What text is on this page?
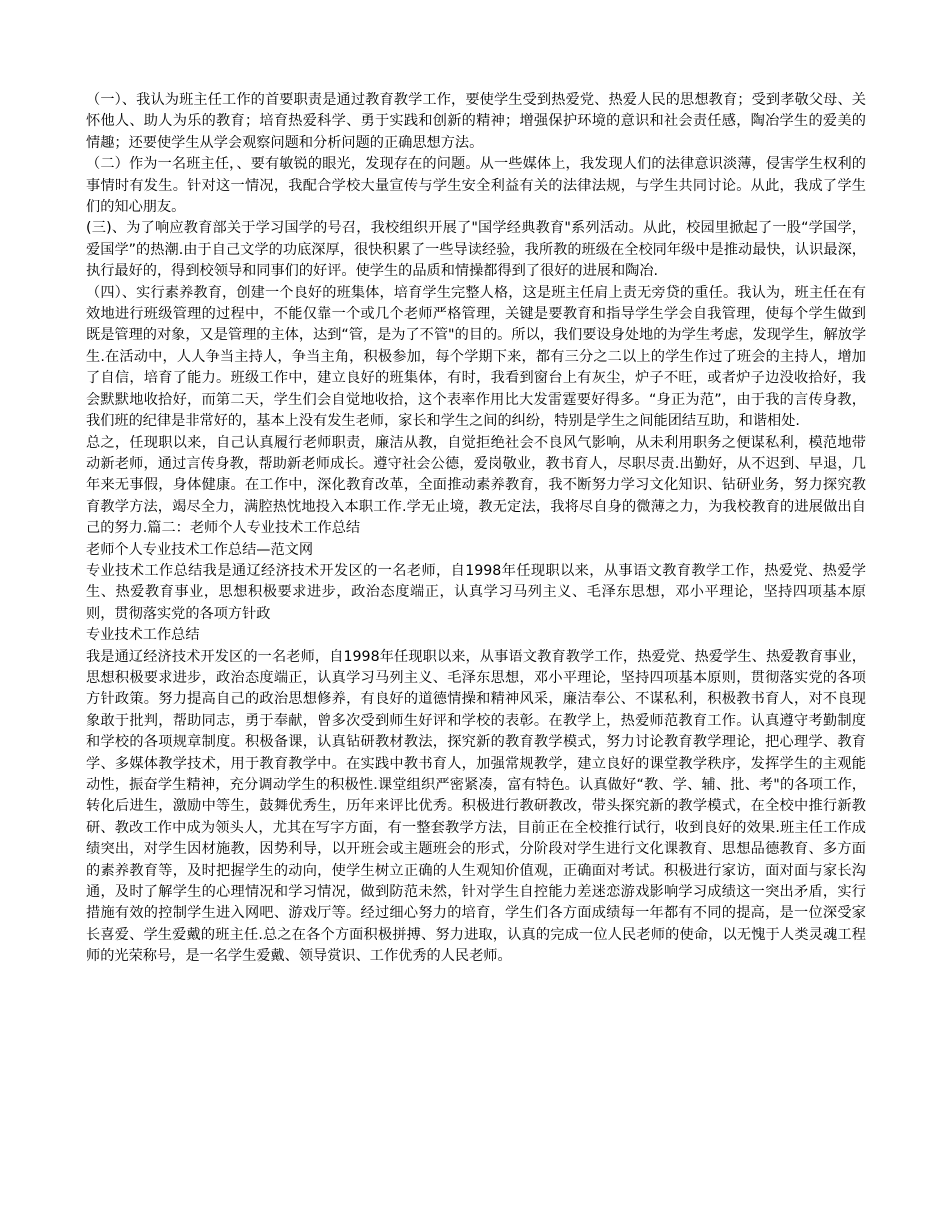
（一）、我认为班主任工作的首要职责是通过教育教学工作，要使学生受到热爱党、热爱人民的思想教育；受到孝敬父母、关怀他人、助人为乐的教育；培育热爱科学、勇于实践和创新的精神；增强保护环境的意识和社会责任感，陶冶学生的爱美的情趣；还要使学生从学会观察问题和分析问题的正确思想方法。

（二）作为一名班主任，、要有敏锐的眼光，发现存在的问题。从一些媒体上，我发现人们的法律意识淡薄，侵害学生权利的事情时有发生。针对这一情况，我配合学校大量宣传与学生安全利益有关的法律法规，与学生共同讨论。从此，我成了学生们的知心朋友。

(三)、为了响应教育部关于学习国学的号召，我校组织开展了"国学经典教育"系列活动。从此，校园里掀起了一股“学国学，爱国学”的热潮.由于自己文学的功底深厚，很快积累了一些导读经验，我所教的班级在全校同年级中是推动最快，认识最深，执行最好的，得到校领导和同事们的好评。使学生的品质和情操都得到了很好的进展和陶冶.

（四）、实行素养教育，创建一个良好的班集体，培育学生完整人格，这是班主任肩上责无旁贷的重任。我认为，班主任在有效地进行班级管理的过程中，不能仅靠一个或几个老师严格管理，关键是要教育和指导学生学会自我管理，使每个学生做到既是管理的对象，又是管理的主体，达到“管，是为了不管"的目的。所以，我们要设身处地的为学生考虑，发现学生，解放学生.在活动中，人人争当主持人，争当主角，积极参加，每个学期下来，都有三分之二以上的学生作过了班会的主持人，增加了自信，培育了能力。班级工作中，建立良好的班集体，有时，我看到窗台上有灰尘，炉子不旺，或者炉子边没收拾好，我会默默地收拾好，而第二天，学生们会自觉地收拾，这个表率作用比大发雷霆要好得多。“身正为范”，由于我的言传身教，我们班的纪律是非常好的，基本上没有发生老师，家长和学生之间的纠纷，特别是学生之间能团结互助，和谐相处.

总之，任现职以来，自己认真履行老师职责，廉洁从教，自觉拒绝社会不良风气影响，从未利用职务之便谋私利，模范地带动新老师，通过言传身教，帮助新老师成长。遵守社会公德，爱岗敬业，教书育人，尽职尽责.出勤好，从不迟到、早退，几年来无事假，身体健康。在工作中，深化教育改革，全面推动素养教育，我不断努力学习文化知识、钻研业务，努力探究教育教学方法，竭尽全力，满腔热忱地投入本职工作.学无止境，教无定法，我将尽自身的微薄之力，为我校教育的进展做出自己的努力.篇二：老师个人专业技术工作总结

老师个人专业技术工作总结—范文网

专业技术工作总结我是通辽经济技术开发区的一名老师，自1998年任现职以来，从事语文教育教学工作，热爱党、热爱学生、热爱教育事业，思想积极要求进步，政治态度端正，认真学习马列主义、毛泽东思想，邓小平理论，坚持四项基本原则，贯彻落实党的各项方针政

专业技术工作总结

我是通辽经济技术开发区的一名老师，自1998年任现职以来，从事语文教育教学工作，热爱党、热爱学生、热爱教育事业，思想积极要求进步，政治态度端正，认真学习马列主义、毛泽东思想，邓小平理论，坚持四项基本原则，贯彻落实党的各项方针政策。努力提高自己的政治思想修养，有良好的道德情操和精神风采，廉洁奉公、不谋私利，积极教书育人，对不良现象敢于批判，帮助同志，勇于奉献，曾多次受到师生好评和学校的表彰。在教学上，热爱师范教育工作。认真遵守考勤制度和学校的各项规章制度。积极备课，认真钻研教材教法，探究新的教育教学模式，努力讨论教育教学理论，把心理学、教育学、多媒体教学技术，用于教育教学中。在实践中教书育人，加强常规教学，建立良好的课堂教学秩序，发挥学生的主观能动性，振奋学生精神，充分调动学生的积极性.课堂组织严密紧凑，富有特色。认真做好“教、学、辅、批、考"的各项工作，转化后进生，激励中等生，鼓舞优秀生，历年来评比优秀。积极进行教研教改，带头探究新的教学模式，在全校中推行新教研、教改工作中成为领头人，尤其在写字方面，有一整套教学方法，目前正在全校推行试行，收到良好的效果.班主任工作成绩突出，对学生因材施教，因势利导，以开班会或主题班会的形式，分阶段对学生进行文化课教育、思想品德教育、多方面的素养教育等，及时把握学生的动向，使学生树立正确的人生观知价值观，正确面对考试。积极进行家访，面对面与家长沟通，及时了解学生的心理情况和学习情况，做到防范未然，针对学生自控能力差迷恋游戏影响学习成绩这一突出矛盾，实行措施有效的控制学生进入网吧、游戏厅等。经过细心努力的培育，学生们各方面成绩每一年都有不同的提高，是一位深受家长喜爱、学生爱戴的班主任.总之在各个方面积极拼搏、努力进取，认真的完成一位人民老师的使命，以无愧于人类灵魂工程师的光荣称号，是一名学生爱戴、领导赏识、工作优秀的人民老师。
